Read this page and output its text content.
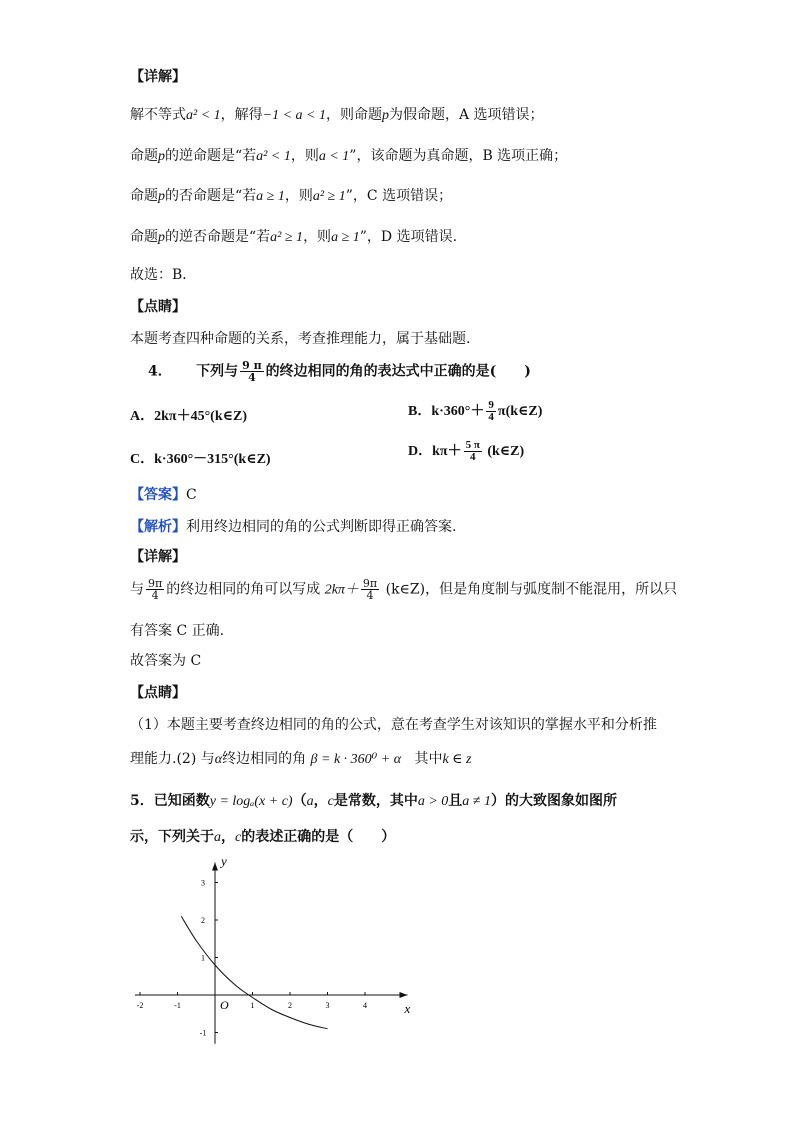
【详解】
解不等式a² < 1，解得−1 < a < 1，则命题p为假命题，A 选项错误；
命题p的逆命题是“若a² < 1，则a < 1”，该命题为真命题，B 选项正确；
命题p的否命题是“若a ≥ 1，则a² ≥ 1”，C 选项错误；
命题p的逆否命题是“若a² ≥ 1，则a ≥ 1”，D 选项错误.
故选：B．
【点睛】
本题考查四种命题的关系，考查推理能力，属于基础题.
4． 下列与 $\frac{9 \pi}{4}$ 的终边相同的角的表达式中正确的是(　　)
A．2kπ＋45°(k∈Z)	B．$k\cdot 360^\circ+ \frac{9}{4}$ π(k∈Z)
C．k·360°－315°(k∈Z)
D．$k\pi+ \frac{5 \pi}{4}$ (k∈Z)
【答案】C
【解析】利用终边相同的角的公式判断即得正确答案.
【详解】
与 $\frac{9\pi}{4}$ 的终边相同的角可以写成 $2k\pi+ \frac{9\pi}{4}$ (k∈Z)，但是角度制与弧度制不能混用，所以只
有答案 C 正确.
故答案为 C
【点睛】
（1）本题主要考查终边相同的角的公式，意在考查学生对该知识的掌握水平和分析推
理能力.(2) 与α终边相同的角 β = k · 360⁰ + α 其中k ∈ z
5．已知函数y = logₐ(x + c)（a，c是常数，其中a > 0且a ≠ 1）的大致图象如图所
示，下列关于a，c的表述正确的是（　　）
-2	-1	1	2	3	4
3
2
1
-1
x
y
O
